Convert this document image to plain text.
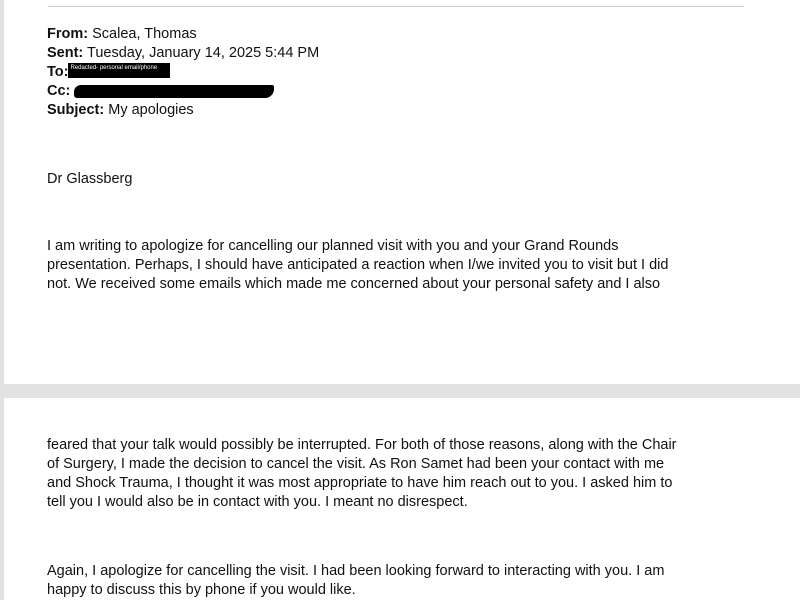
From: Scalea, Thomas
Sent: Tuesday, January 14, 2025 5:44 PM
To: Redacted- personal email/phone
Cc:
Subject: My apologies

Dr Glassberg

I am writing to apologize for cancelling our planned visit with you and your Grand Rounds
presentation. Perhaps, I should have anticipated a reaction when I/we invited you to visit but I did
not. We received some emails which made me concerned about your personal safety and I also

feared that your talk would possibly be interrupted. For both of those reasons, along with the Chair
of Surgery, I made the decision to cancel the visit. As Ron Samet had been your contact with me
and Shock Trauma, I thought it was most appropriate to have him reach out to you. I asked him to
tell you I would also be in contact with you. I meant no disrespect.

Again, I apologize for cancelling the visit. I had been looking forward to interacting with you. I am
happy to discuss this by phone if you would like.
